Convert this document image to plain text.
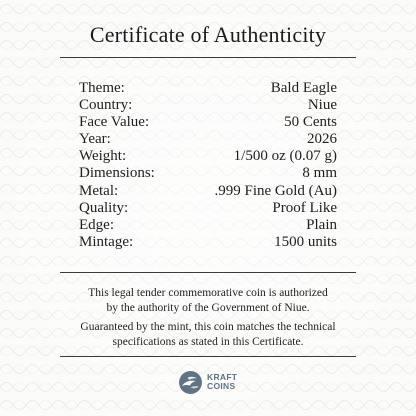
Certificate of Authenticity
Theme:	Bald Eagle
Country:	Niue
Face Value:	50 Cents
Year:	2026
Weight:	1/500 oz (0.07 g)
Dimensions:	8 mm
Metal:	.999 Fine Gold (Au)
Quality:	Proof Like
Edge:	Plain
Mintage:	1500 units
This legal tender commemorative coin is authorized
by the authority of the Government of Niue.
Guaranteed by the mint, this coin matches the technical
specifications as stated in this Certificate.
KRAFT
COINS
